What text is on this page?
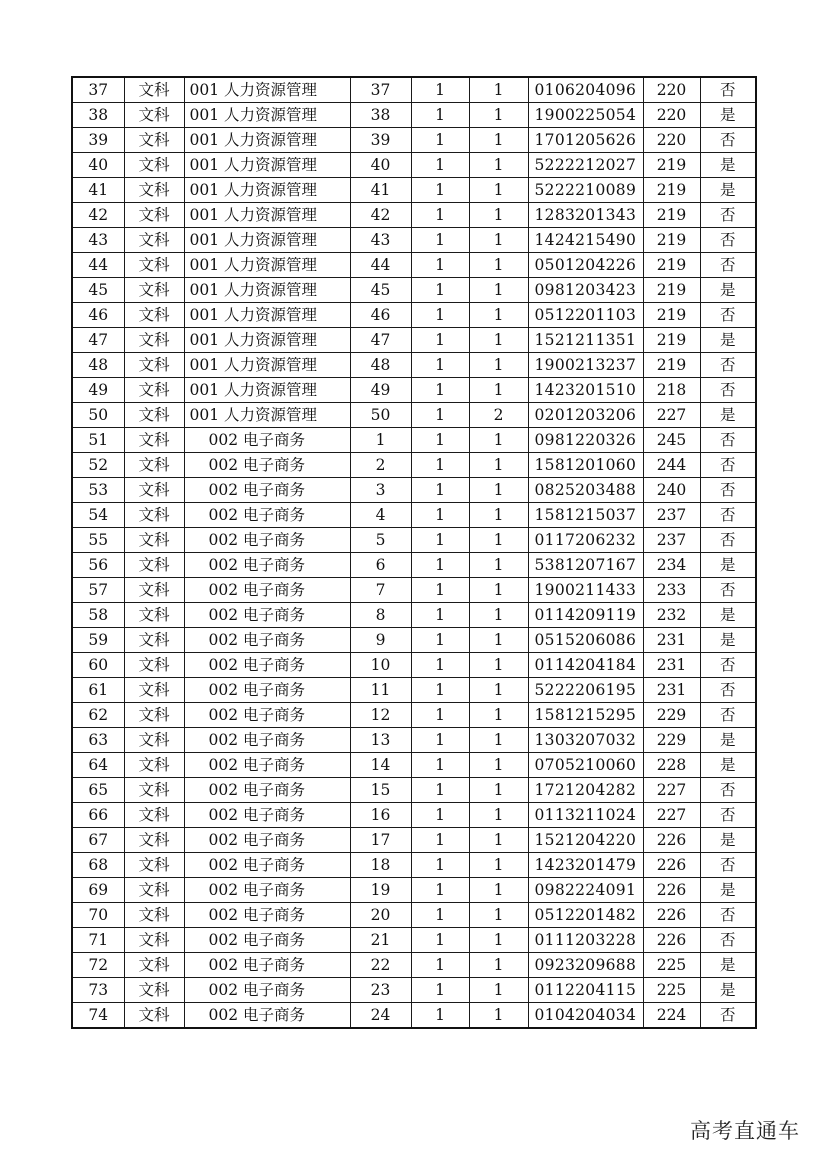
37	文科	001 人力资源管理	37	1	1	0106204096	220	否
38	文科	001 人力资源管理	38	1	1	1900225054	220	是
39	文科	001 人力资源管理	39	1	1	1701205626	220	否
40	文科	001 人力资源管理	40	1	1	5222212027	219	是
41	文科	001 人力资源管理	41	1	1	5222210089	219	是
42	文科	001 人力资源管理	42	1	1	1283201343	219	否
43	文科	001 人力资源管理	43	1	1	1424215490	219	否
44	文科	001 人力资源管理	44	1	1	0501204226	219	否
45	文科	001 人力资源管理	45	1	1	0981203423	219	是
46	文科	001 人力资源管理	46	1	1	0512201103	219	否
47	文科	001 人力资源管理	47	1	1	1521211351	219	是
48	文科	001 人力资源管理	48	1	1	1900213237	219	否
49	文科	001 人力资源管理	49	1	1	1423201510	218	否
50	文科	001 人力资源管理	50	1	2	0201203206	227	是
51	文科	002 电子商务	1	1	1	0981220326	245	否
52	文科	002 电子商务	2	1	1	1581201060	244	否
53	文科	002 电子商务	3	1	1	0825203488	240	否
54	文科	002 电子商务	4	1	1	1581215037	237	否
55	文科	002 电子商务	5	1	1	0117206232	237	否
56	文科	002 电子商务	6	1	1	5381207167	234	是
57	文科	002 电子商务	7	1	1	1900211433	233	否
58	文科	002 电子商务	8	1	1	0114209119	232	是
59	文科	002 电子商务	9	1	1	0515206086	231	是
60	文科	002 电子商务	10	1	1	0114204184	231	否
61	文科	002 电子商务	11	1	1	5222206195	231	否
62	文科	002 电子商务	12	1	1	1581215295	229	否
63	文科	002 电子商务	13	1	1	1303207032	229	是
64	文科	002 电子商务	14	1	1	0705210060	228	是
65	文科	002 电子商务	15	1	1	1721204282	227	否
66	文科	002 电子商务	16	1	1	0113211024	227	否
67	文科	002 电子商务	17	1	1	1521204220	226	是
68	文科	002 电子商务	18	1	1	1423201479	226	否
69	文科	002 电子商务	19	1	1	0982224091	226	是
70	文科	002 电子商务	20	1	1	0512201482	226	否
71	文科	002 电子商务	21	1	1	0111203228	226	否
72	文科	002 电子商务	22	1	1	0923209688	225	是
73	文科	002 电子商务	23	1	1	0112204115	225	是
74	文科	002 电子商务	24	1	1	0104204034	224	否
高考直通车
